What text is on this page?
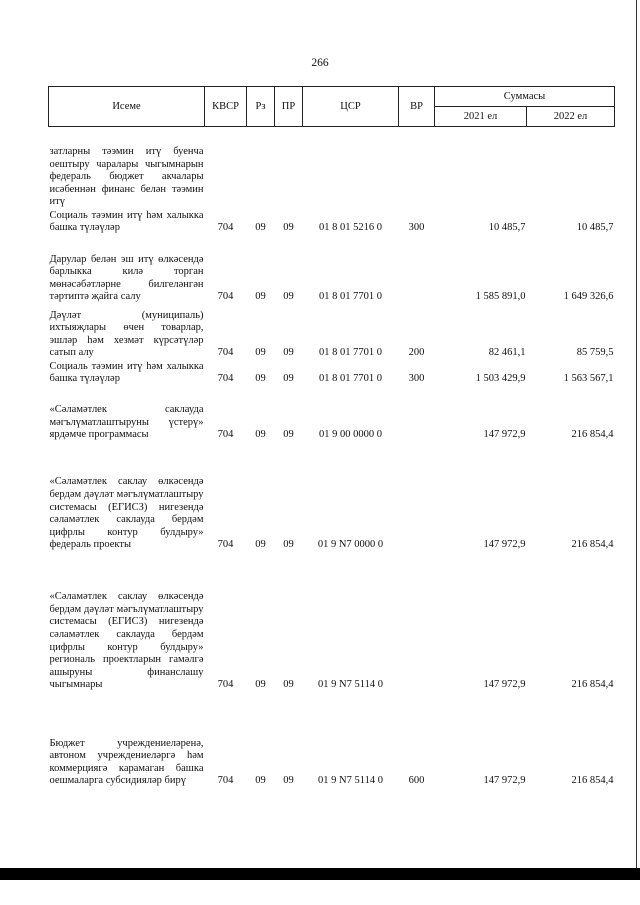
266
Исеме	КВСР	Рз	ПР	ЦСР	ВР	Суммасы	
						2021 ел	2022 ел
затларны тәэмин итү буенча оештыру чаралары чыгымнарын федераль бюджет акчалары исәбеннән финанс белән тәэмин итү							
Социаль тәэмин итү һәм халыкка башка түләүләр	704	09	09	01 8 01 5216 0	300	10 485,7	10 485,7
Дарулар белән эш итү өлкәсендә барлыкка килә торган мөнәсәбәтләрне билгеләнгән тәртиптә җайга салу	704	09	09	01 8 01 7701 0		1 585 891,0	1 649 326,6
Дәүләт (муниципаль) ихтыяҗлары өчен товарлар, эшләр һәм хезмәт күрсәтүләр сатып алу	704	09	09	01 8 01 7701 0	200	82 461,1	85 759,5
Социаль тәэмин итү һәм халыкка башка түләүләр	704	09	09	01 8 01 7701 0	300	1 503 429,9	1 563 567,1
«Сәламәтлек саклауда мәгълүматлаштыруны үстерү» ярдәмче программасы	704	09	09	01 9 00 0000 0		147 972,9	216 854,4
«Сәламәтлек саклау өлкәсендә бердәм дәүләт мәгълүматлаштыру системасы (ЕГИСЗ) нигезендә сәламәтлек саклауда бердәм цифрлы контур булдыру» федераль проекты	704	09	09	01 9 N7 0000 0		147 972,9	216 854,4
«Сәламәтлек саклау өлкәсендә бердәм дәүләт мәгълүматлаштыру системасы (ЕГИСЗ) нигезендә сәламәтлек саклауда бердәм цифрлы контур булдыру» региональ проектларын гамәлгә ашыруны финанслашу чыгымнары	704	09	09	01 9 N7 5114 0		147 972,9	216 854,4
Бюджет учреждениеләренә, автоном учреждениеләргә һәм коммерциягә карамаган башка оешмаларга субсидияләр бирү	704	09	09	01 9 N7 5114 0	600	147 972,9	216 854,4
